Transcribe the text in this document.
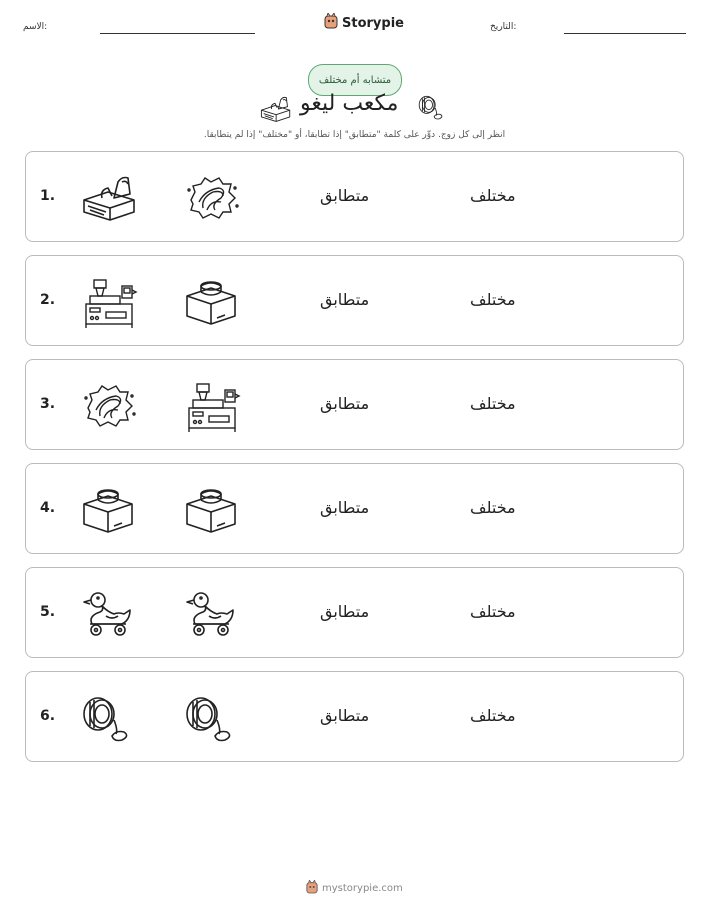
الاسم:	Storypie	التاريخ:
متشابه أم مختلف
مكعب ليغو
انظر إلى كل زوج. دوِّر على كلمة "متطابق" إذا تطابقا، أو "مختلف" إذا لم يتطابقا.
1.	متطابق	مختلف
2.	متطابق	مختلف
3.	متطابق	مختلف
4.	متطابق	مختلف
5.	متطابق	مختلف
6.	متطابق	مختلف
mystorypie.com
